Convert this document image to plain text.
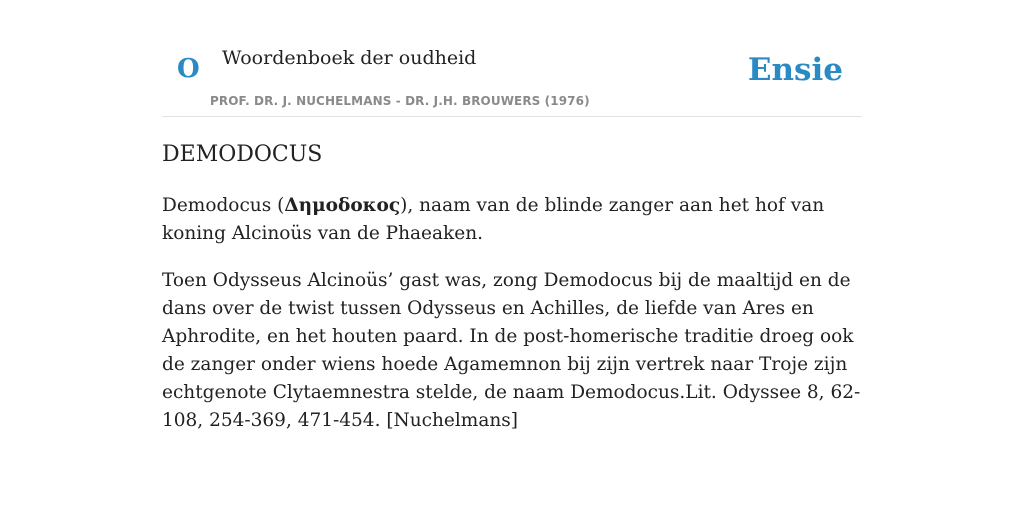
O Woordenboek der oudheid
PROF. DR. J. NUCHELMANS - DR. J.H. BROUWERS (1976)
Ensie
DEMODOCUS

Demodocus (Δημοδοκος), naam van de blinde zanger aan het hof van koning Alcinoüs van de Phaeaken.

Toen Odysseus Alcinoüs’ gast was, zong Demodocus bij de maaltijd en de dans over de twist tussen Odysseus en Achilles, de liefde van Ares en Aphrodite, en het houten paard. In de post-homerische traditie droeg ook de zanger onder wiens hoede Agamemnon bij zijn vertrek naar Troje zijn echtgenote Clytaemnestra stelde, de naam Demodocus.Lit. Odyssee 8, 62-108, 254-369, 471-454. [Nuchelmans]
